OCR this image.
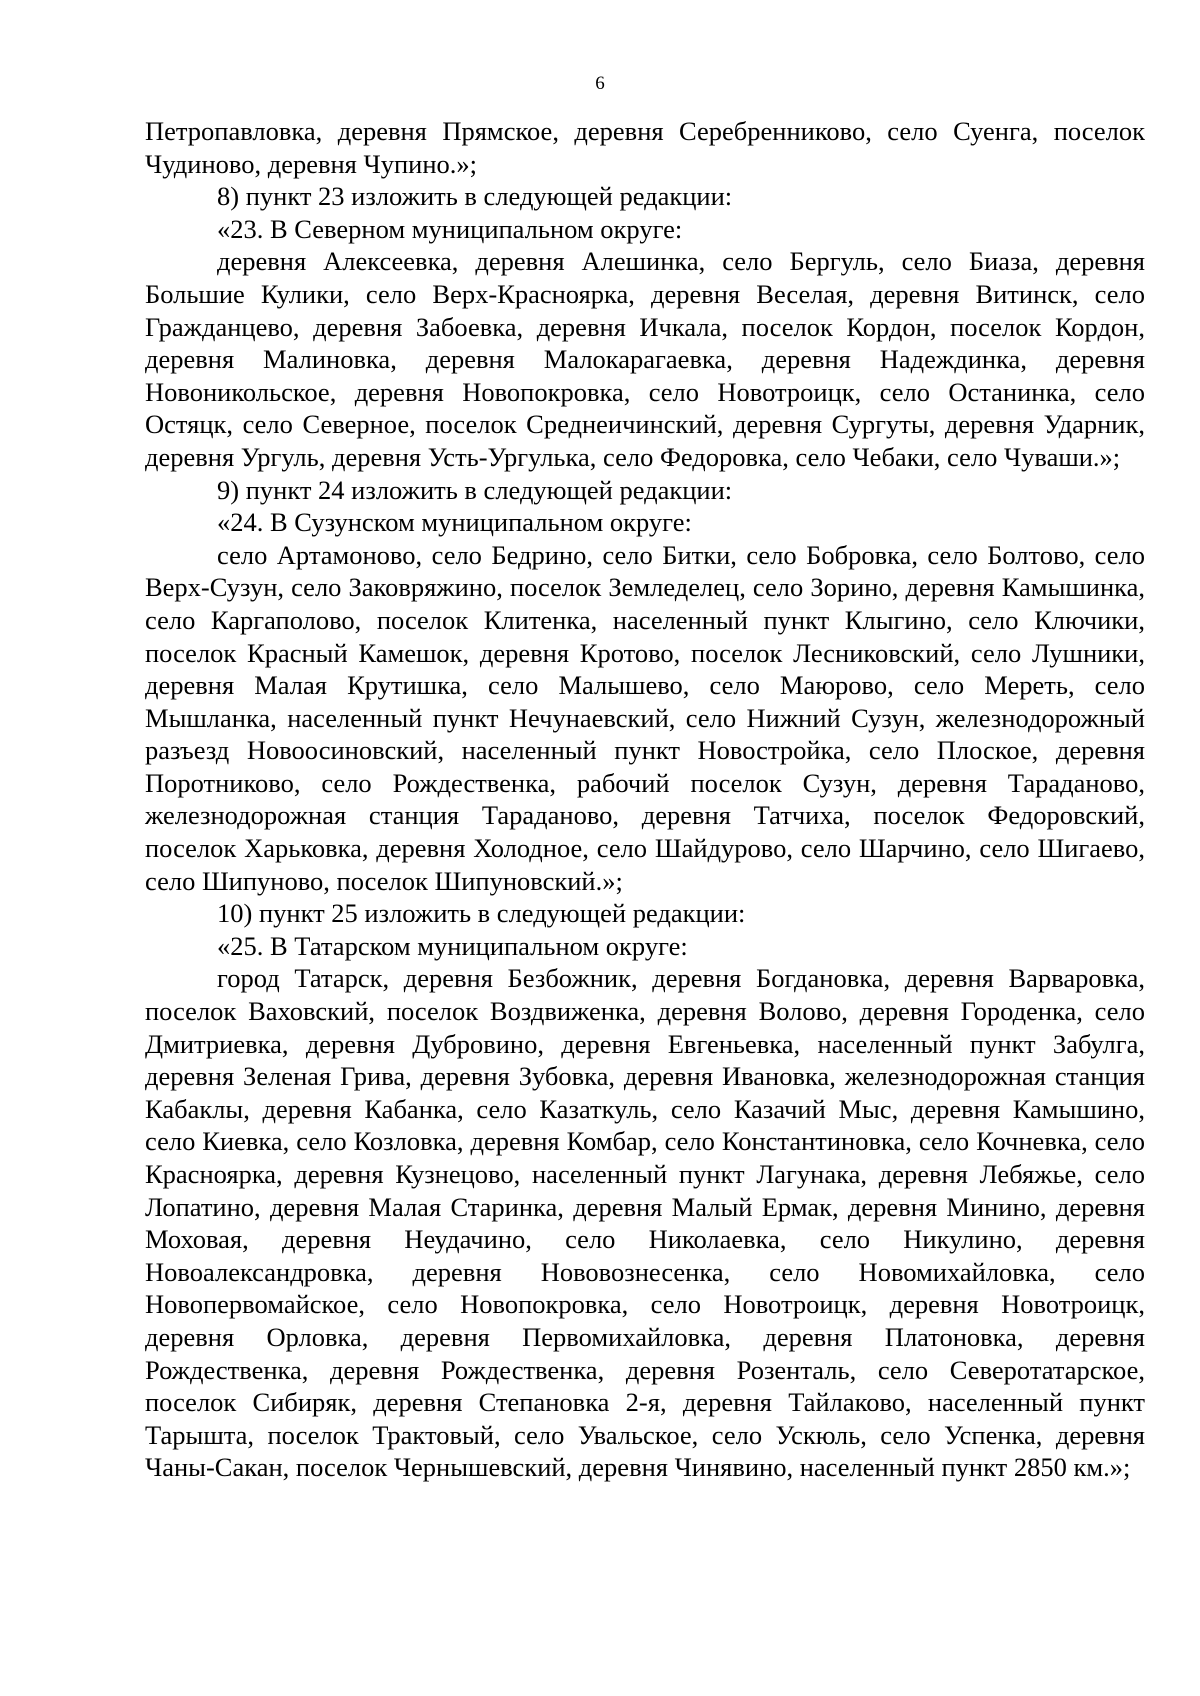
6

Петропавловка, деревня Прямское, деревня Серебренниково, село Суенга, поселок Чудиново, деревня Чупино.»;

8) пункт 23 изложить в следующей редакции:

«23. В Северном муниципальном округе:

деревня Алексеевка, деревня Алешинка, село Бергуль, село Биаза, деревня Большие Кулики, село Верх-Красноярка, деревня Веселая, деревня Витинск, село Гражданцево, деревня Забоевка, деревня Ичкала, поселок Кордон, поселок Кордон, деревня Малиновка, деревня Малокарагаевка, деревня Надеждинка, деревня Новоникольское, деревня Новопокровка, село Новотроицк, село Останинка, село Остяцк, село Северное, поселок Среднеичинский, деревня Сургуты, деревня Ударник, деревня Ургуль, деревня Усть-Ургулька, село Федоровка, село Чебаки, село Чуваши.»;

9) пункт 24 изложить в следующей редакции:

«24. В Сузунском муниципальном округе:

село Артамоново, село Бедрино, село Битки, село Бобровка, село Болтово, село Верх-Сузун, село Заковряжино, поселок Земледелец, село Зорино, деревня Камышинка, село Каргаполово, поселок Клитенка, населенный пункт Клыгино, село Ключики, поселок Красный Камешок, деревня Кротово, поселок Лесниковский, село Лушники, деревня Малая Крутишка, село Малышево, село Маюрово, село Мереть, село Мышланка, населенный пункт Нечунаевский, село Нижний Сузун, железнодорожный разъезд Новоосиновский, населенный пункт Новостройка, село Плоское, деревня Поротниково, село Рождественка, рабочий поселок Сузун, деревня Тараданово, железнодорожная станция Тараданово, деревня Татчиха, поселок Федоровский, поселок Харьковка, деревня Холодное, село Шайдурово, село Шарчино, село Шигаево, село Шипуново, поселок Шипуновский.»;

10) пункт 25 изложить в следующей редакции:

«25. В Татарском муниципальном округе:

город Татарск, деревня Безбожник, деревня Богдановка, деревня Варваровка, поселок Ваховский, поселок Воздвиженка, деревня Волово, деревня Городенка, село Дмитриевка, деревня Дубровино, деревня Евгеньевка, населенный пункт Забулга, деревня Зеленая Грива, деревня Зубовка, деревня Ивановка, железнодорожная станция Кабаклы, деревня Кабанка, село Казаткуль, село Казачий Мыс, деревня Камышино, село Киевка, село Козловка, деревня Комбар, село Константиновка, село Кочневка, село Красноярка, деревня Кузнецово, населенный пункт Лагунака, деревня Лебяжье, село Лопатино, деревня Малая Старинка, деревня Малый Ермак, деревня Минино, деревня Моховая, деревня Неудачино, село Николаевка, село Никулино, деревня Новоалександровка, деревня Нововознесенка, село Новомихайловка, село Новопервомайское, село Новопокровка, село Новотроицк, деревня Новотроицк, деревня Орловка, деревня Первомихайловка, деревня Платоновка, деревня Рождественка, деревня Рождественка, деревня Розенталь, село Северотатарское, поселок Сибиряк, деревня Степановка 2-я, деревня Тайлаково, населенный пункт Тарышта, поселок Трактовый, село Увальское, село Ускюль, село Успенка, деревня Чаны-Сакан, поселок Чернышевский, деревня Чинявино, населенный пункт 2850 км.»;
